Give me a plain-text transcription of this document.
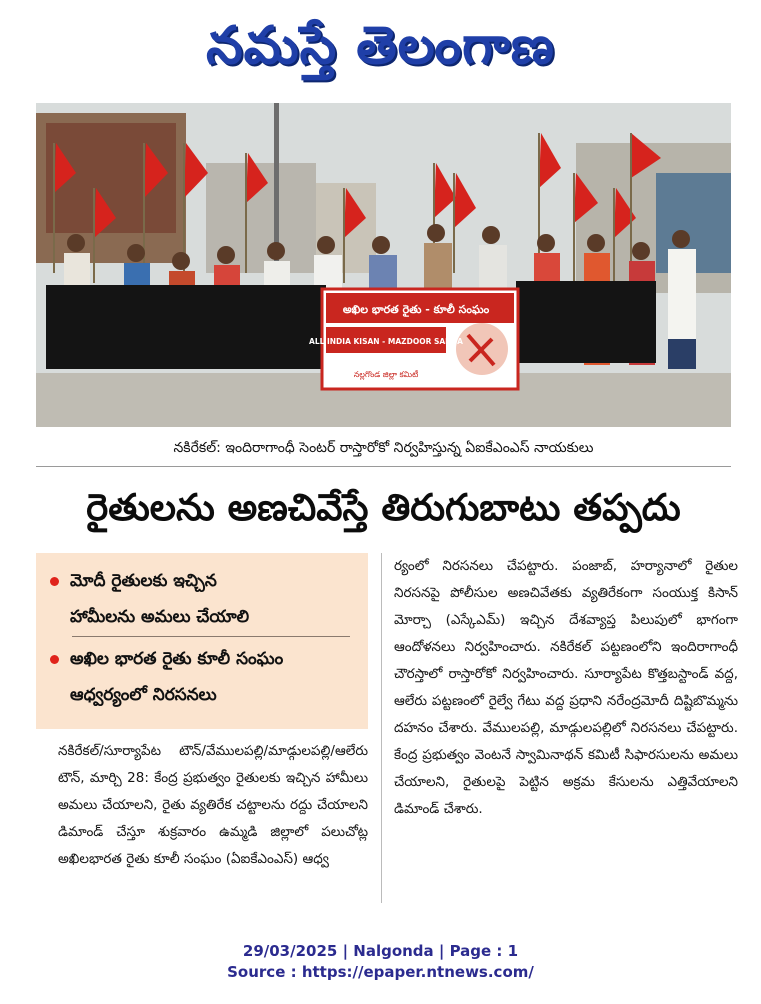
నమస్తే తెలంగాణ
అఖిల భారత రైతు - కూలీ సంఘం
ALL INDIA KISAN - MAZDOOR SABHA
నల్లగొండ జిల్లా కమిటీ
నకిరేకల్: ఇందిరాగాంధీ సెంటర్ రాస్తారోకో నిర్వహిస్తున్న ఏఐకేఎంఎస్ నాయకులు
రైతులను అణచివేస్తే తిరుగుబాటు తప్పదు
మోదీ రైతులకు ఇచ్చిన
హామీలను అమలు చేయాలి
అఖిల భారత రైతు కూలీ సంఘం
ఆధ్వర్యంలో నిరసనలు
నకిరేకల్/సూర్యాపేట టౌన్/వేములపల్లి/మాడ్గులపల్లి/ఆలేరు టౌన్, మార్చి 28: కేంద్ర ప్రభుత్వం రైతులకు ఇచ్చిన హామీలు అమలు చేయాలని, రైతు వ్యతిరేక చట్టాలను రద్దు చేయాలని డిమాండ్ చేస్తూ శుక్రవారం ఉమ్మడి జిల్లాలో పలుచోట్ల అఖిలభారత రైతు కూలీ సంఘం (ఏఐకేఎంఎస్) ఆధ్వ
ర్యంలో నిరసనలు చేపట్టారు. పంజాబ్, హర్యానాలో రైతుల నిరసనపై పోలీసుల అణచివేతకు వ్యతిరేకంగా సంయుక్త కిసాన్ మోర్చా (ఎస్కేఎమ్) ఇచ్చిన దేశవ్యాప్త పిలుపులో భాగంగా ఆందోళనలు నిర్వహించారు. నకిరేకల్ పట్టణంలోని ఇందిరాగాంధీ చౌరస్తాలో రాస్తారోకో నిర్వహించారు. సూర్యాపేట కొత్తబస్టాండ్ వద్ద, ఆలేరు పట్టణంలో రైల్వే గేటు వద్ద ప్రధాని నరేంద్రమోదీ దిష్టిబొమ్మను దహనం చేశారు. వేములపల్లి, మాడ్గులపల్లిలో నిరసనలు చేపట్టారు. కేంద్ర ప్రభుత్వం వెంటనే స్వామినాథన్ కమిటీ సిఫారసులను అమలు చేయాలని, రైతులపై పెట్టిన అక్రమ కేసులను ఎత్తివేయాలని డిమాండ్ చేశారు.
29/03/2025 | Nalgonda | Page : 1
Source : https://epaper.ntnews.com/
